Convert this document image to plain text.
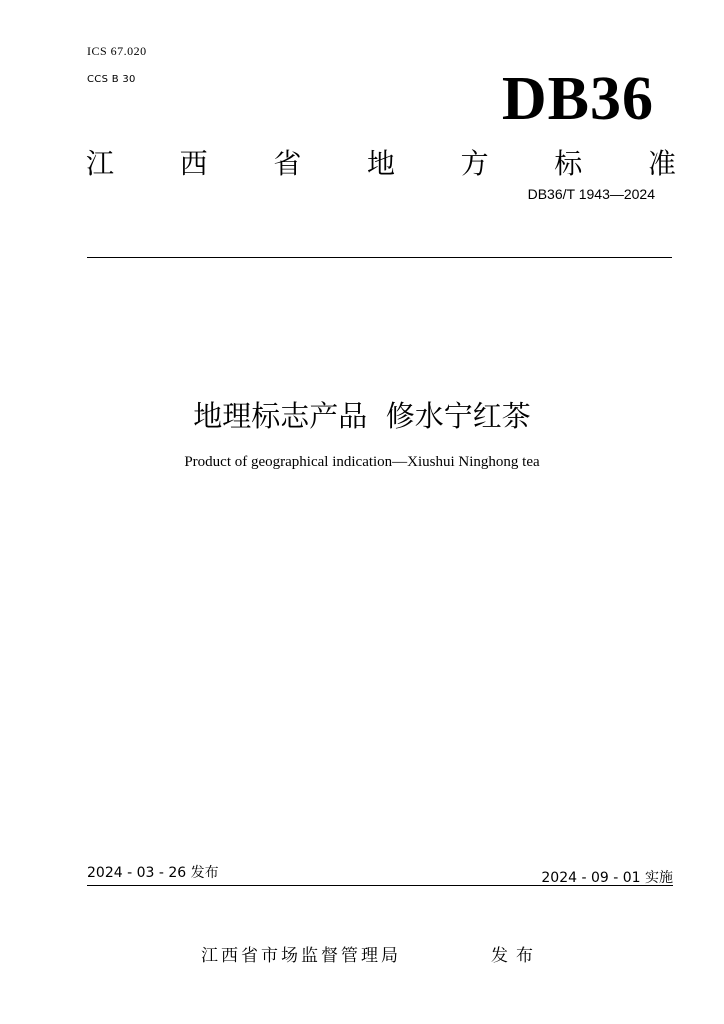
ICS 67.020
CCS B 30	DB36
江 西 省 地 方 标 准
DB36/T 1943—2024
地理标志产品  修水宁红茶
Product of geographical indication—Xiushui Ninghong tea
2024 - 03 - 26 发布	2024 - 09 - 01 实施
江西省市场监督管理局	发布
